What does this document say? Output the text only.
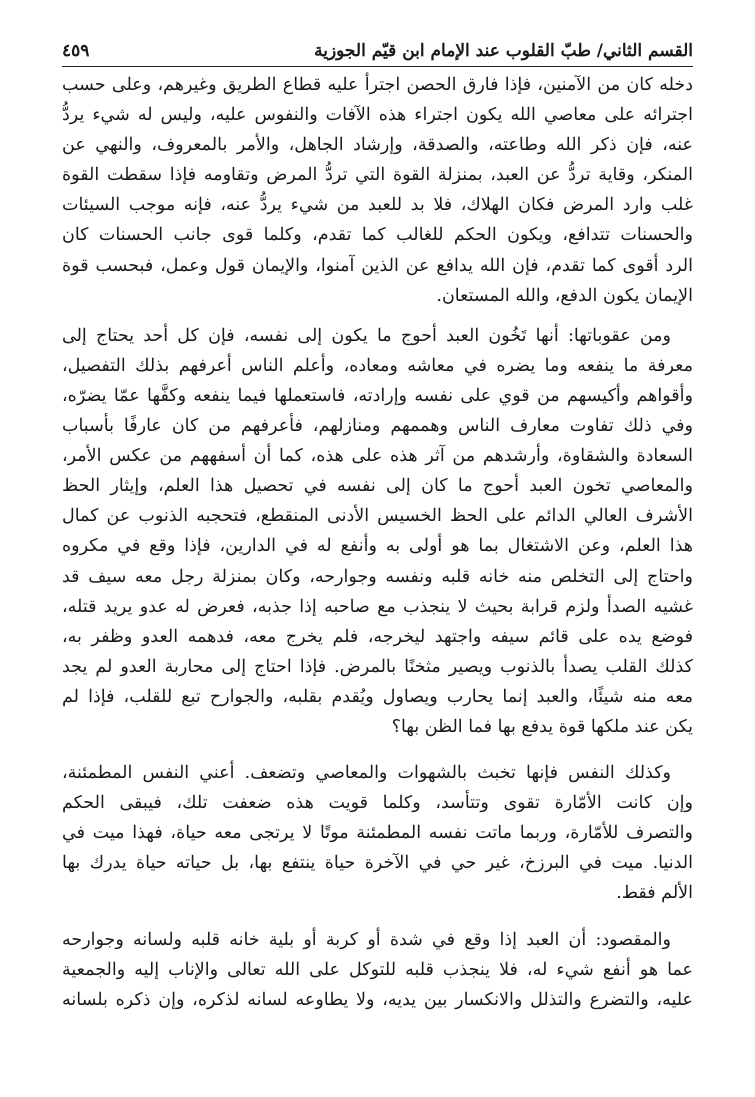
القسم الثاني/ طبّ القلوب عند الإمام ابن قيّم الجوزية
٤٥٩
دخله كان من الآمنين، فإذا فارق الحصن اجترأ عليه قطاع الطريق وغيرهم، وعلى حسب
اجترائه على معاصي الله يكون اجتراء هذه الآفات والنفوس عليه، وليس له شيء يردُّ
عنه، فإن ذكر الله وطاعته، والصدقة، وإرشاد الجاهل، والأمر بالمعروف، والنهي عن
المنكر، وقاية تردُّ عن العبد، بمنزلة القوة التي تردُّ المرض وتقاومه فإذا سقطت القوة
غلب وارد المرض فكان الهلاك، فلا بد للعبد من شيء يردُّ عنه، فإنه موجب السيئات
والحسنات تتدافع، ويكون الحكم للغالب كما تقدم، وكلما قوى جانب الحسنات كان
الرد أقوى كما تقدم، فإن الله يدافع عن الذين آمنوا، والإيمان قول وعمل، فبحسب قوة
الإيمان يكون الدفع، والله المستعان.
ومن عقوباتها: أنها تَخُون العبد أحوج ما يكون إلى نفسه، فإن كل أحد يحتاج إلى
معرفة ما ينفعه وما يضره في معاشه ومعاده، وأعلم الناس أعرفهم بذلك التفصيل،
وأقواهم وأكيسهم من قوي على نفسه وإرادته، فاستعملها فيما ينفعه وكفَّها عمّا يضرّه،
وفي ذلك تفاوت معارف الناس وهممهم ومنازلهم، فأعرفهم من كان عارفًا بأسباب
السعادة والشقاوة، وأرشدهم من آثر هذه على هذه، كما أن أسفههم من عكس الأمر،
والمعاصي تخون العبد أحوج ما كان إلى نفسه في تحصيل هذا العلم، وإيثار الحظ
الأشرف العالي الدائم على الحظ الخسيس الأدنى المنقطع، فتحجبه الذنوب عن كمال
هذا العلم، وعن الاشتغال بما هو أولى به وأنفع له في الدارين، فإذا وقع في مكروه
واحتاج إلى التخلص منه خانه قلبه ونفسه وجوارحه، وكان بمنزلة رجل معه سيف قد
غشيه الصدأ ولزم قرابة بحيث لا ينجذب مع صاحبه إذا جذبه، فعرض له عدو يريد قتله،
فوضع يده على قائم سيفه واجتهد ليخرجه، فلم يخرج معه، فدهمه العدو وظفر به،
كذلك القلب يصدأ بالذنوب ويصير مثخنًا بالمرض. فإذا احتاج إلى محاربة العدو لم يجد
معه منه شيئًا، والعبد إنما يحارب ويصاول ويُقدم بقلبه، والجوارح تبع للقلب، فإذا لم
يكن عند ملكها قوة يدفع بها فما الظن بها؟
وكذلك النفس فإنها تخبث بالشهوات والمعاصي وتضعف. أعني النفس المطمئنة،
وإن كانت الأمّارة تقوى وتتأسد، وكلما قويت هذه ضعفت تلك، فيبقى الحكم
والتصرف للأمّارة، وربما ماتت نفسه المطمئنة موتًا لا يرتجى معه حياة، فهذا ميت في
الدنيا. ميت في البرزخ، غير حي في الآخرة حياة ينتفع بها، بل حياته حياة يدرك بها
الألم فقط.
والمقصود: أن العبد إذا وقع في شدة أو كربة أو بلية خانه قلبه ولسانه وجوارحه
عما هو أنفع شيء له، فلا ينجذب قلبه للتوكل على الله تعالى والإناب إليه والجمعية
عليه، والتضرع والتذلل والانكسار بين يديه، ولا يطاوعه لسانه لذكره، وإن ذكره بلسانه
